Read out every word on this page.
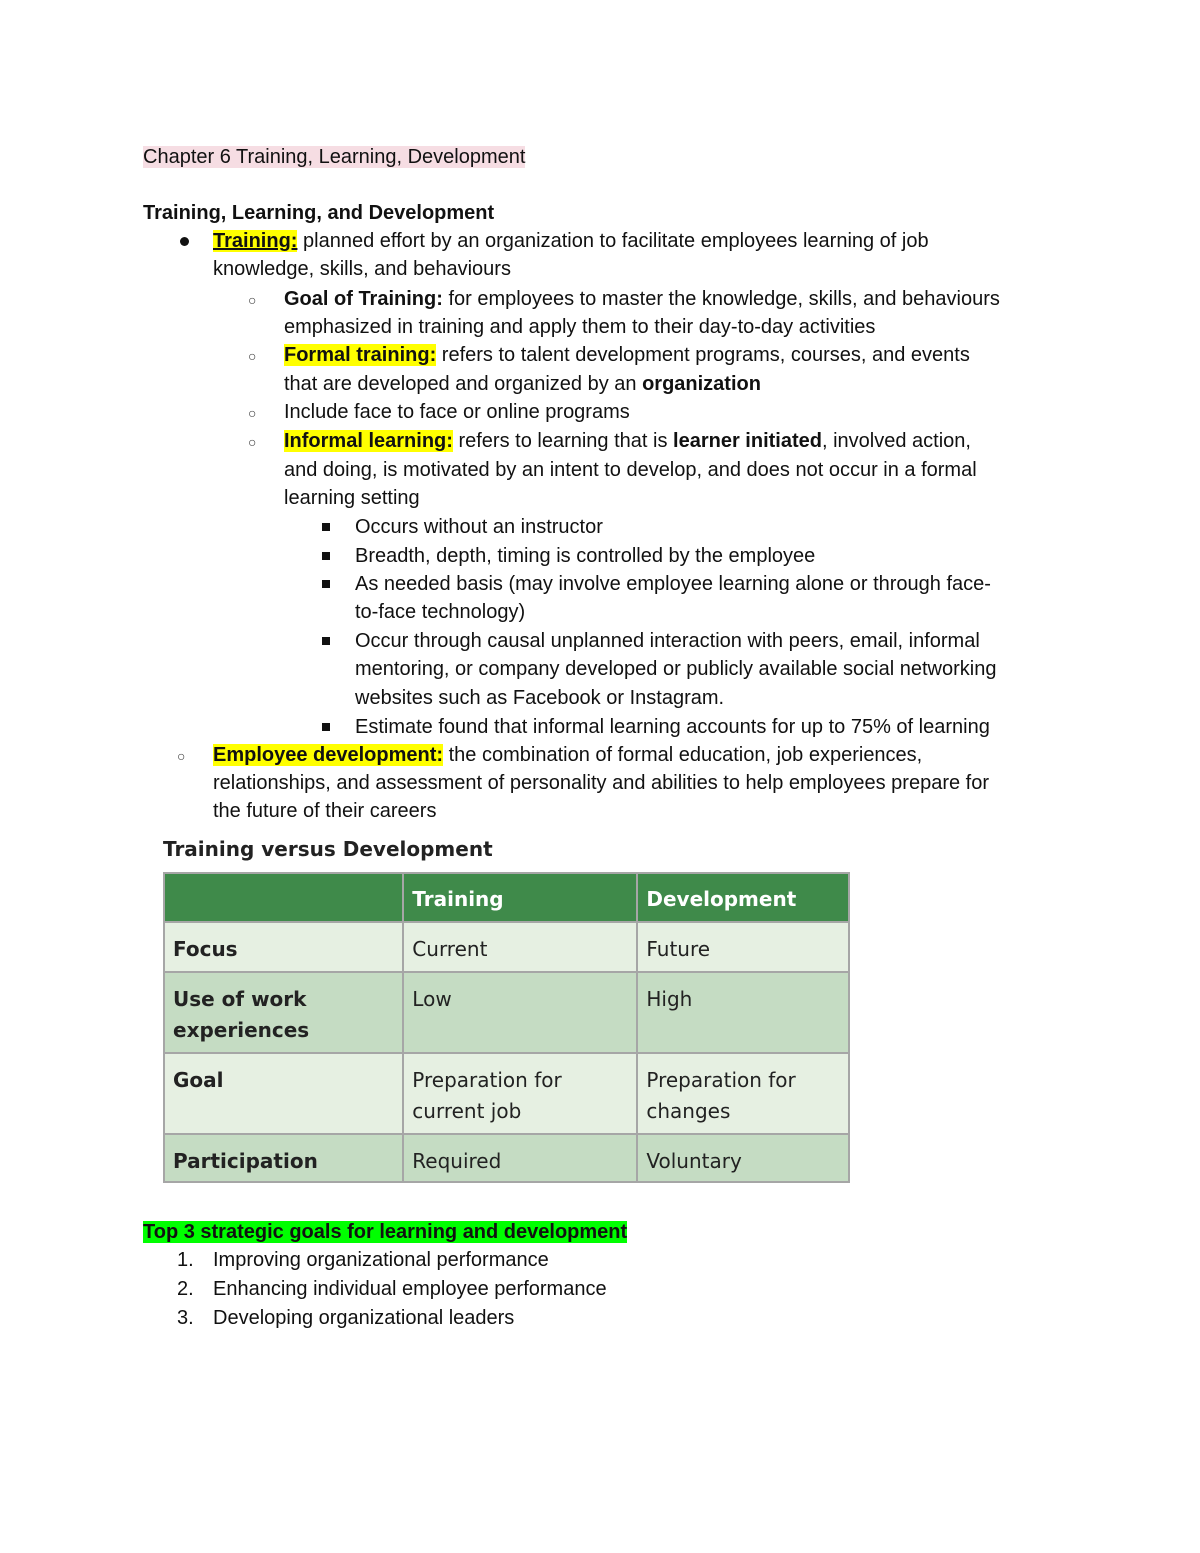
Chapter 6 Training, Learning, Development
Training, Learning, and Development
Training: planned effort by an organization to facilitate employees learning of job
knowledge, skills, and behaviours
○ Goal of Training: for employees to master the knowledge, skills, and behaviours
emphasized in training and apply them to their day-to-day activities
○ Formal training: refers to talent development programs, courses, and events
that are developed and organized by an organization
○ Include face to face or online programs
○ Informal learning: refers to learning that is learner initiated, involved action,
and doing, is motivated by an intent to develop, and does not occur in a formal
learning setting
Occurs without an instructor
Breadth, depth, timing is controlled by the employee
As needed basis (may involve employee learning alone or through face-
to-face technology)
Occur through causal unplanned interaction with peers, email, informal
mentoring, or company developed or publicly available social networking
websites such as Facebook or Instagram.
Estimate found that informal learning accounts for up to 75% of learning
○ Employee development: the combination of formal education, job experiences,
relationships, and assessment of personality and abilities to help employees prepare for
the future of their careers
Training versus Development
	Training	Development
Focus	Current	Future
Use of work
experiences	Low	High
Goal	Preparation for
current job	Preparation for
changes
Participation	Required	Voluntary
Top 3 strategic goals for learning and development
1. Improving organizational performance
2. Enhancing individual employee performance
3. Developing organizational leaders
